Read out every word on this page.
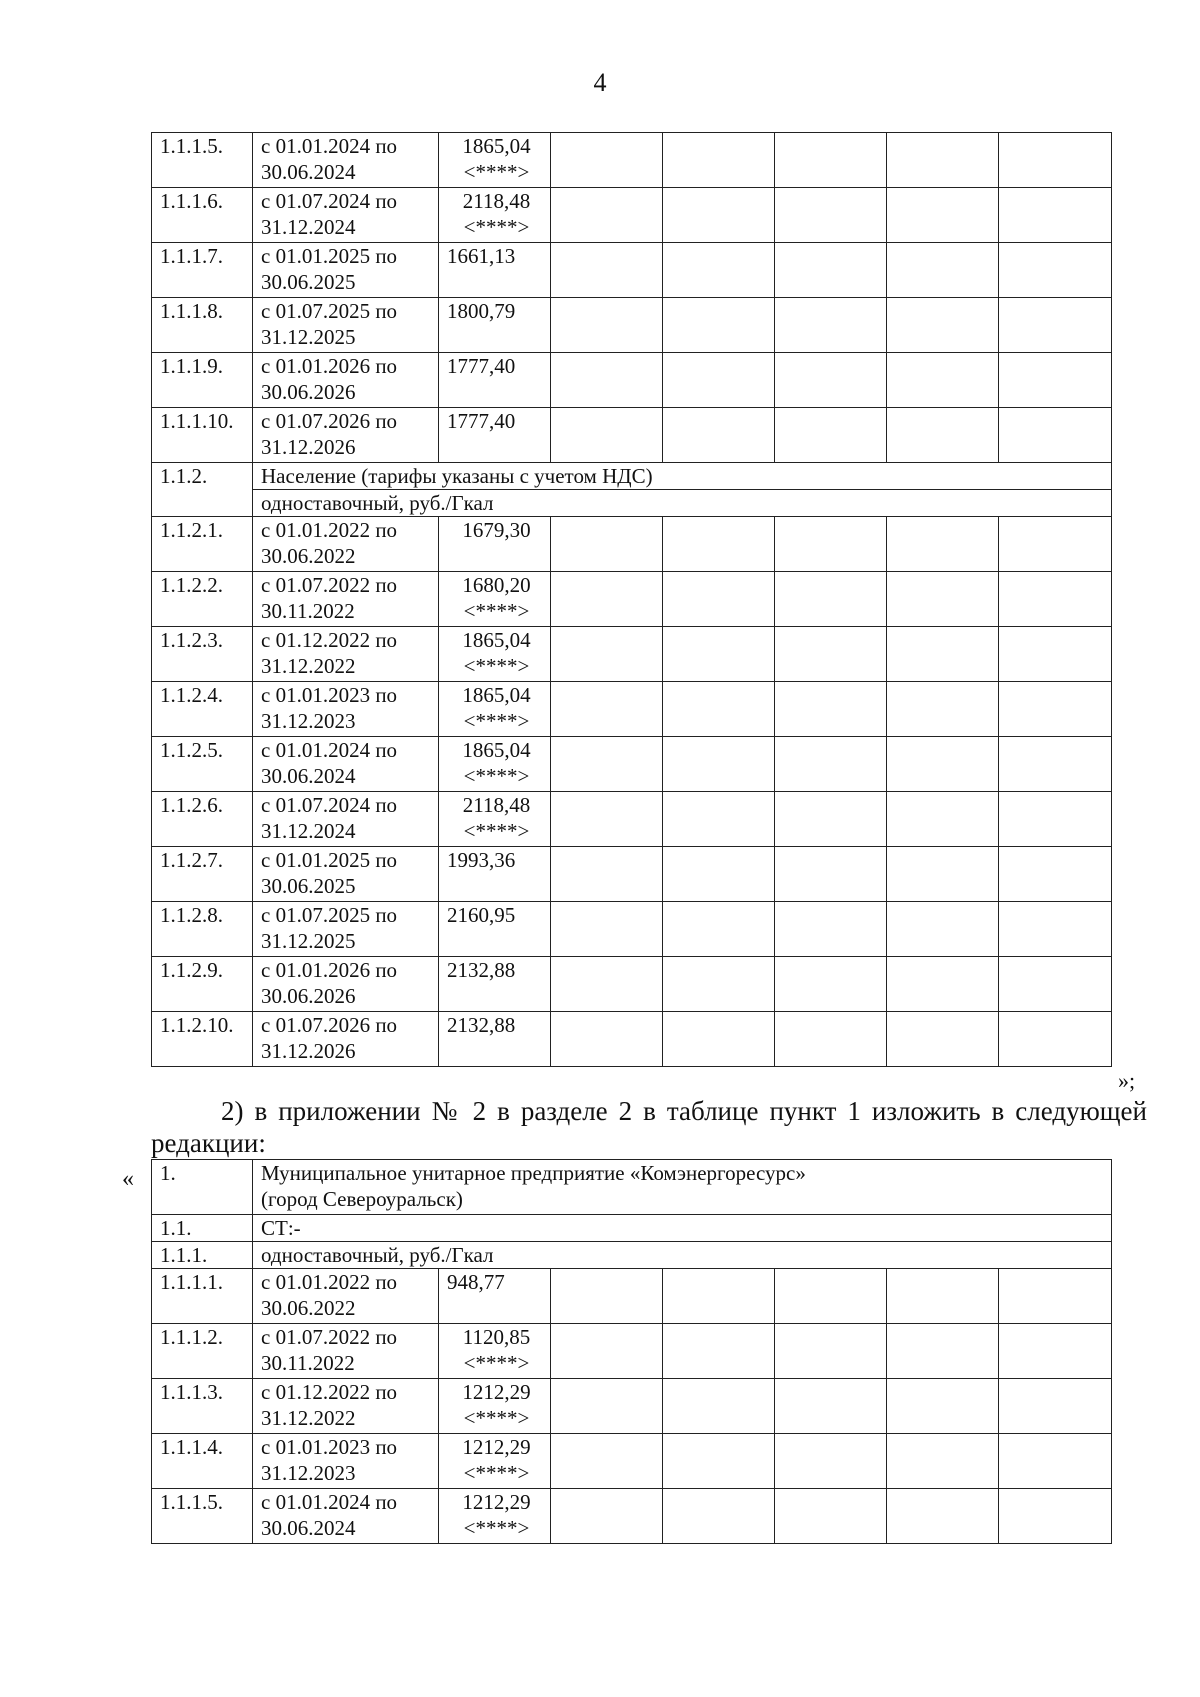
4
1.1.1.5.	с 01.01.2024 по
30.06.2024	1865,04
<****>					

1.1.1.6.	с 01.07.2024 по
31.12.2024	2118,48
<****>					

1.1.1.7.	с 01.01.2025 по
30.06.2025	1661,13					

1.1.1.8.	с 01.07.2025 по
31.12.2025	1800,79					

1.1.1.9.	с 01.01.2026 по
30.06.2026	1777,40					

1.1.1.10.	с 01.07.2026 по
31.12.2026	1777,40					

1.1.2.	Население (тарифы указаны с учетом НДС)						
	одноставочный, руб./Гкал						
1.1.2.1.	с 01.01.2022 по
30.06.2022	1679,30					

1.1.2.2.	с 01.07.2022 по
30.11.2022	1680,20
<****>					

1.1.2.3.	с 01.12.2022 по
31.12.2022	1865,04
<****>					

1.1.2.4.	с 01.01.2023 по
31.12.2023	1865,04
<****>					

1.1.2.5.	с 01.01.2024 по
30.06.2024	1865,04
<****>					

1.1.2.6.	с 01.07.2024 по
31.12.2024	2118,48
<****>					

1.1.2.7.	с 01.01.2025 по
30.06.2025	1993,36					

1.1.2.8.	с 01.07.2025 по
31.12.2025	2160,95					

1.1.2.9.	с 01.01.2026 по
30.06.2026	2132,88					

1.1.2.10.	с 01.07.2026 по
31.12.2026	2132,88					

»;
2) в приложении № 2 в разделе 2 в таблице пункт 1 изложить в следующей редакции:
« 1.	Муниципальное унитарное предприятие «Комэнергоресурс»
(город Североуральск)						

1.1.	СТ:-						
1.1.1.	одноставочный, руб./Гкал						
1.1.1.1.	с 01.01.2022 по
30.06.2022	948,77					

1.1.1.2.	с 01.07.2022 по
30.11.2022	1120,85
<****>					

1.1.1.3.	с 01.12.2022 по
31.12.2022	1212,29
<****>					

1.1.1.4.	с 01.01.2023 по
31.12.2023	1212,29
<****>					

1.1.1.5.	с 01.01.2024 по
30.06.2024	1212,29
<****>					
